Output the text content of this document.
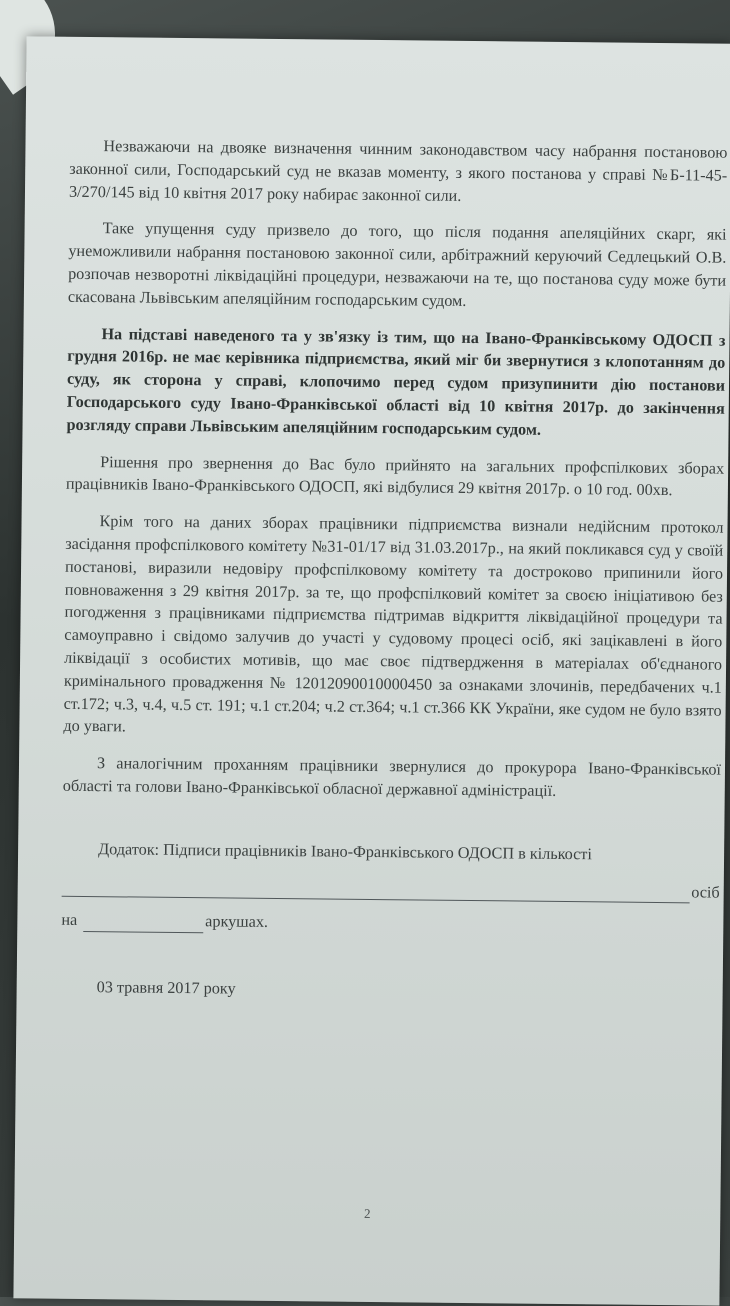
Незважаючи на двояке визначення чинним законодавством часу набрання постановою законної сили, Господарський суд не вказав моменту, з якого постанова у справі №Б-11-45-3/270/145 від 10 квітня 2017 року набирає законної сили.

Таке упущення суду призвело до того, що після подання апеляційних скарг, які унеможливили набрання постановою законної сили, арбітражний керуючий Седлецький О.В. розпочав незворотні ліквідаційні процедури, незважаючи на те, що постанова суду може бути скасована Львівським апеляційним господарським судом.

На підставі наведеного та у зв'язку із тим, що на Івано-Франківському ОДОСП з грудня 2016р. не має керівника підприємства, який міг би звернутися з клопотанням до суду, як сторона у справі, клопочимо перед судом призупинити дію постанови Господарського суду Івано-Франківської області від 10 квітня 2017р. до закінчення розгляду справи Львівським апеляційним господарським судом.

Рішення про звернення до Вас було прийнято на загальних профспілкових зборах працівників Івано-Франківського ОДОСП, які відбулися 29 квітня 2017р. о 10 год. 00хв.

Крім того на даних зборах працівники підприємства визнали недійсним протокол засідання профспілкового комітету №31-01/17 від 31.03.2017р., на який покликався суд у своїй постанові, виразили недовіру профспілковому комітету та достроково припинили його повноваження з 29 квітня 2017р. за те, що профспілковий комітет за своєю ініціативою без погодження з працівниками підприємства підтримав відкриття ліквідаційної процедури та самоуправно і свідомо залучив до участі у судовому процесі осіб, які зацікавлені в його ліквідації з особистих мотивів, що має своє підтвердження в матеріалах об'єднаного кримінального провадження № 12012090010000450 за ознаками злочинів, передбачених ч.1 ст.172; ч.3, ч.4, ч.5 ст. 191; ч.1 ст.204; ч.2 ст.364; ч.1 ст.366 КК України, яке судом не було взято до уваги.

З аналогічним проханням працівники звернулися до прокурора Івано-Франківської області та голови Івано-Франківської обласної державної адміністрації.

Додаток: Підписи працівників Івано-Франківського ОДОСП в кількості

осіб
на	аркушах.
03 травня 2017 року
2
